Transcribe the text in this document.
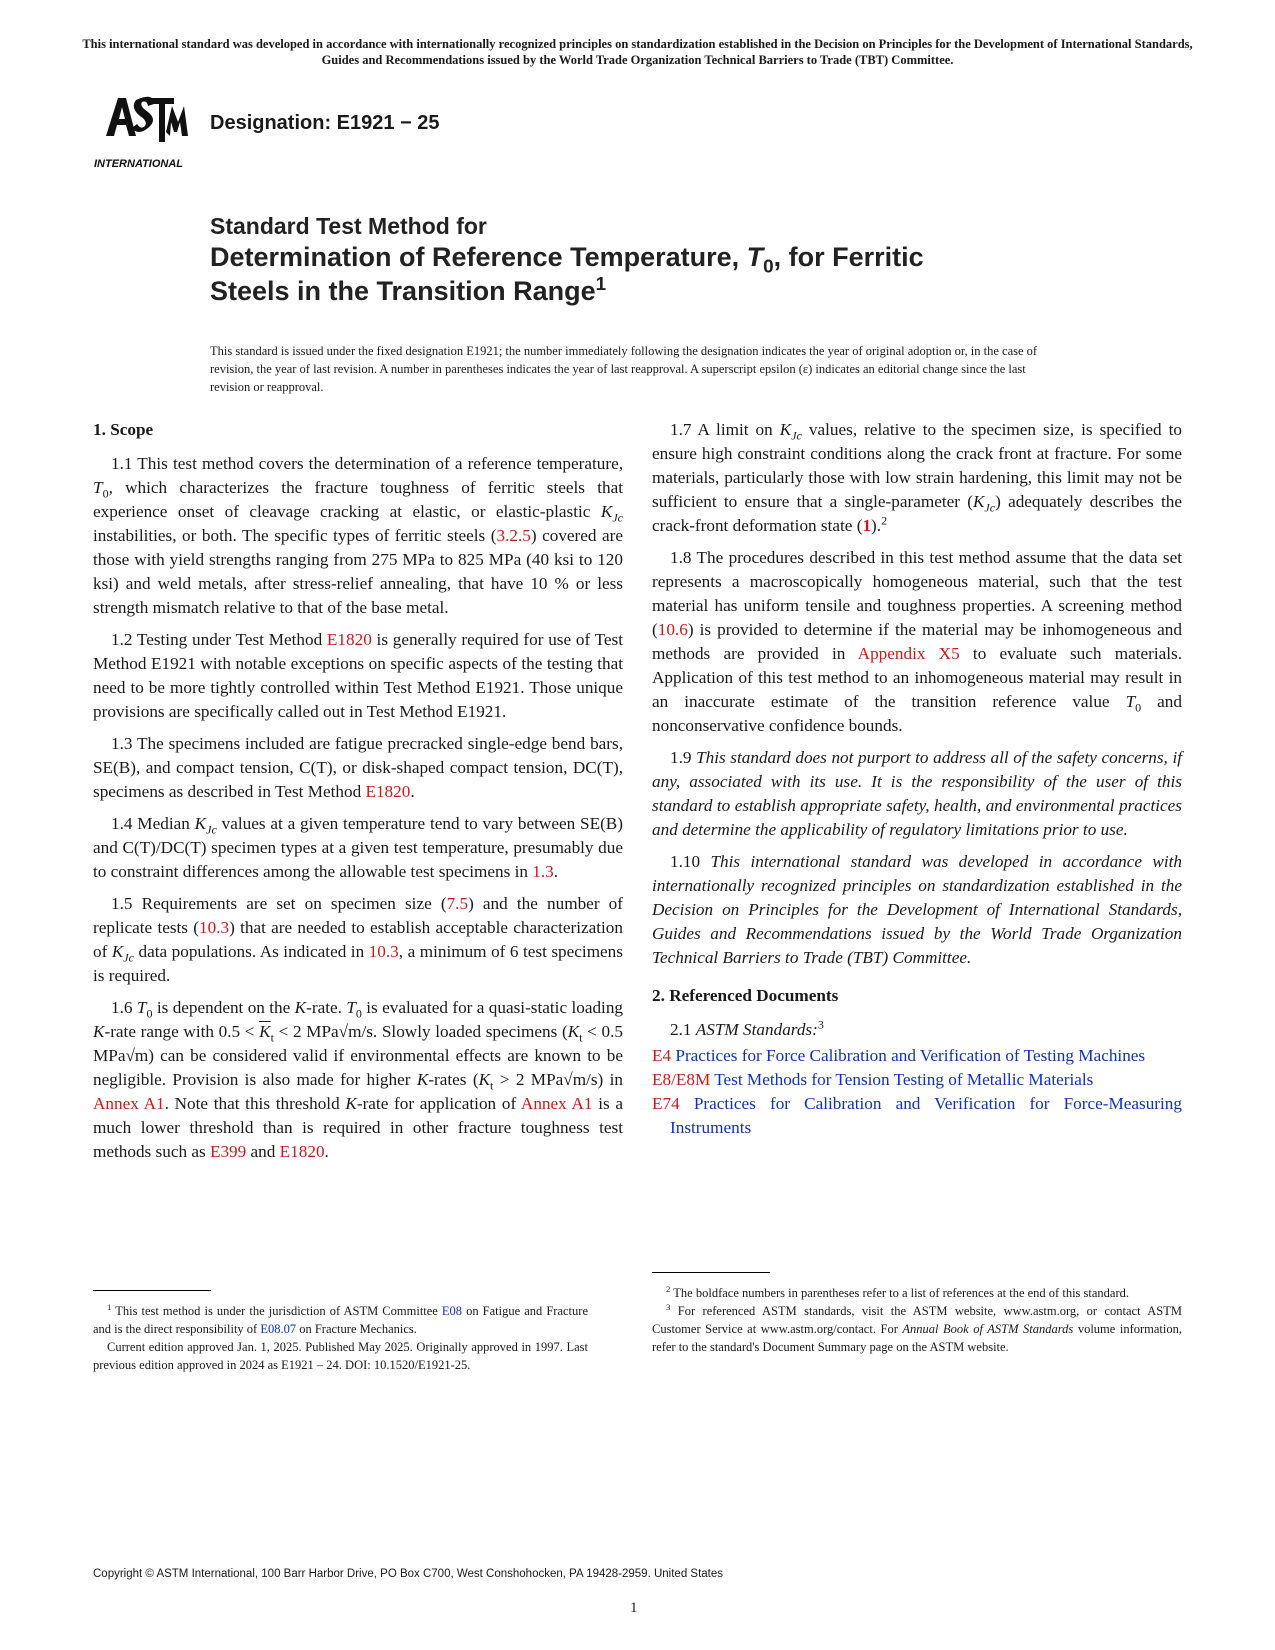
This international standard was developed in accordance with internationally recognized principles on standardization established in the Decision on Principles for the Development of International Standards, Guides and Recommendations issued by the World Trade Organization Technical Barriers to Trade (TBT) Committee.
INTERNATIONAL
Designation: E1921 − 25
Standard Test Method for
Determination of Reference Temperature, $T_0$, for Ferritic
Steels in the Transition Range$^1$
This standard is issued under the fixed designation E1921; the number immediately following the designation indicates the year of original adoption or, in the case of revision, the year of last revision. A number in parentheses indicates the year of last reapproval. A superscript epsilon (ε) indicates an editorial change since the last revision or reapproval.
1. Scope

1.1 This test method covers the determination of a reference temperature, $T_0$, which characterizes the fracture toughness of ferritic steels that experience onset of cleavage cracking at elastic, or elastic-plastic $K_{Jc}$ instabilities, or both. The specific types of ferritic steels (3.2.5) covered are those with yield strengths ranging from 275 MPa to 825 MPa (40 ksi to 120 ksi) and weld metals, after stress-relief annealing, that have 10 % or less strength mismatch relative to that of the base metal.

1.2 Testing under Test Method E1820 is generally required for use of Test Method E1921 with notable exceptions on specific aspects of the testing that need to be more tightly controlled within Test Method E1921. Those unique provisions are specifically called out in Test Method E1921.

1.3 The specimens included are fatigue precracked single-edge bend bars, SE(B), and compact tension, C(T), or disk-shaped compact tension, DC(T), specimens as described in Test Method E1820.

1.4 Median $K_{Jc}$ values at a given temperature tend to vary between SE(B) and C(T)/DC(T) specimen types at a given test temperature, presumably due to constraint differences among the allowable test specimens in 1.3.

1.5 Requirements are set on specimen size (7.5) and the number of replicate tests (10.3) that are needed to establish acceptable characterization of $K_{Jc}$ data populations. As indicated in 10.3, a minimum of 6 test specimens is required.

1.6 $T_0$ is dependent on the K-rate. $T_0$ is evaluated for a quasi-static loading K-rate range with $0.5 < \overline{K}_t < 2$ MPa√m/s. Slowly loaded specimens ($K_t < 0.5$ MPa√m) can be considered valid if environmental effects are known to be negligible. Provision is also made for higher K-rates ($K_t > 2$ MPa√m/s) in Annex A1. Note that this threshold K-rate for application of Annex A1 is a much lower threshold than is required in other fracture toughness test methods such as E399 and E1820.

$^1$ This test method is under the jurisdiction of ASTM Committee E08 on Fatigue and Fracture and is the direct responsibility of E08.07 on Fracture Mechanics.

Current edition approved Jan. 1, 2025. Published May 2025. Originally approved in 1997. Last previous edition approved in 2024 as E1921 – 24. DOI: 10.1520/E1921-25.

1.7 A limit on $K_{Jc}$ values, relative to the specimen size, is specified to ensure high constraint conditions along the crack front at fracture. For some materials, particularly those with low strain hardening, this limit may not be sufficient to ensure that a single-parameter $(K_{Jc})$ adequately describes the crack-front deformation state (1).$^2$

1.8 The procedures described in this test method assume that the data set represents a macroscopically homogeneous material, such that the test material has uniform tensile and toughness properties. A screening method (10.6) is provided to determine if the material may be inhomogeneous and methods are provided in Appendix X5 to evaluate such materials. Application of this test method to an inhomogeneous material may result in an inaccurate estimate of the transition reference value $T_0$ and nonconservative confidence bounds.

1.9 This standard does not purport to address all of the safety concerns, if any, associated with its use. It is the responsibility of the user of this standard to establish appropriate safety, health, and environmental practices and determine the applicability of regulatory limitations prior to use.

1.10 This international standard was developed in accordance with internationally recognized principles on standardization established in the Decision on Principles for the Development of International Standards, Guides and Recommendations issued by the World Trade Organization Technical Barriers to Trade (TBT) Committee.

2. Referenced Documents

2.1 ASTM Standards:$^3$

E4 Practices for Force Calibration and Verification of Testing Machines
E8/E8M Test Methods for Tension Testing of Metallic Materials
E74 Practices for Calibration and Verification for Force-Measuring Instruments

$^2$ The boldface numbers in parentheses refer to a list of references at the end of this standard.

$^3$ For referenced ASTM standards, visit the ASTM website, www.astm.org, or contact ASTM Customer Service at www.astm.org/contact. For Annual Book of ASTM Standards volume information, refer to the standard's Document Summary page on the ASTM website.

Copyright © ASTM International, 100 Barr Harbor Drive, PO Box C700, West Conshohocken, PA 19428-2959. United States
1
